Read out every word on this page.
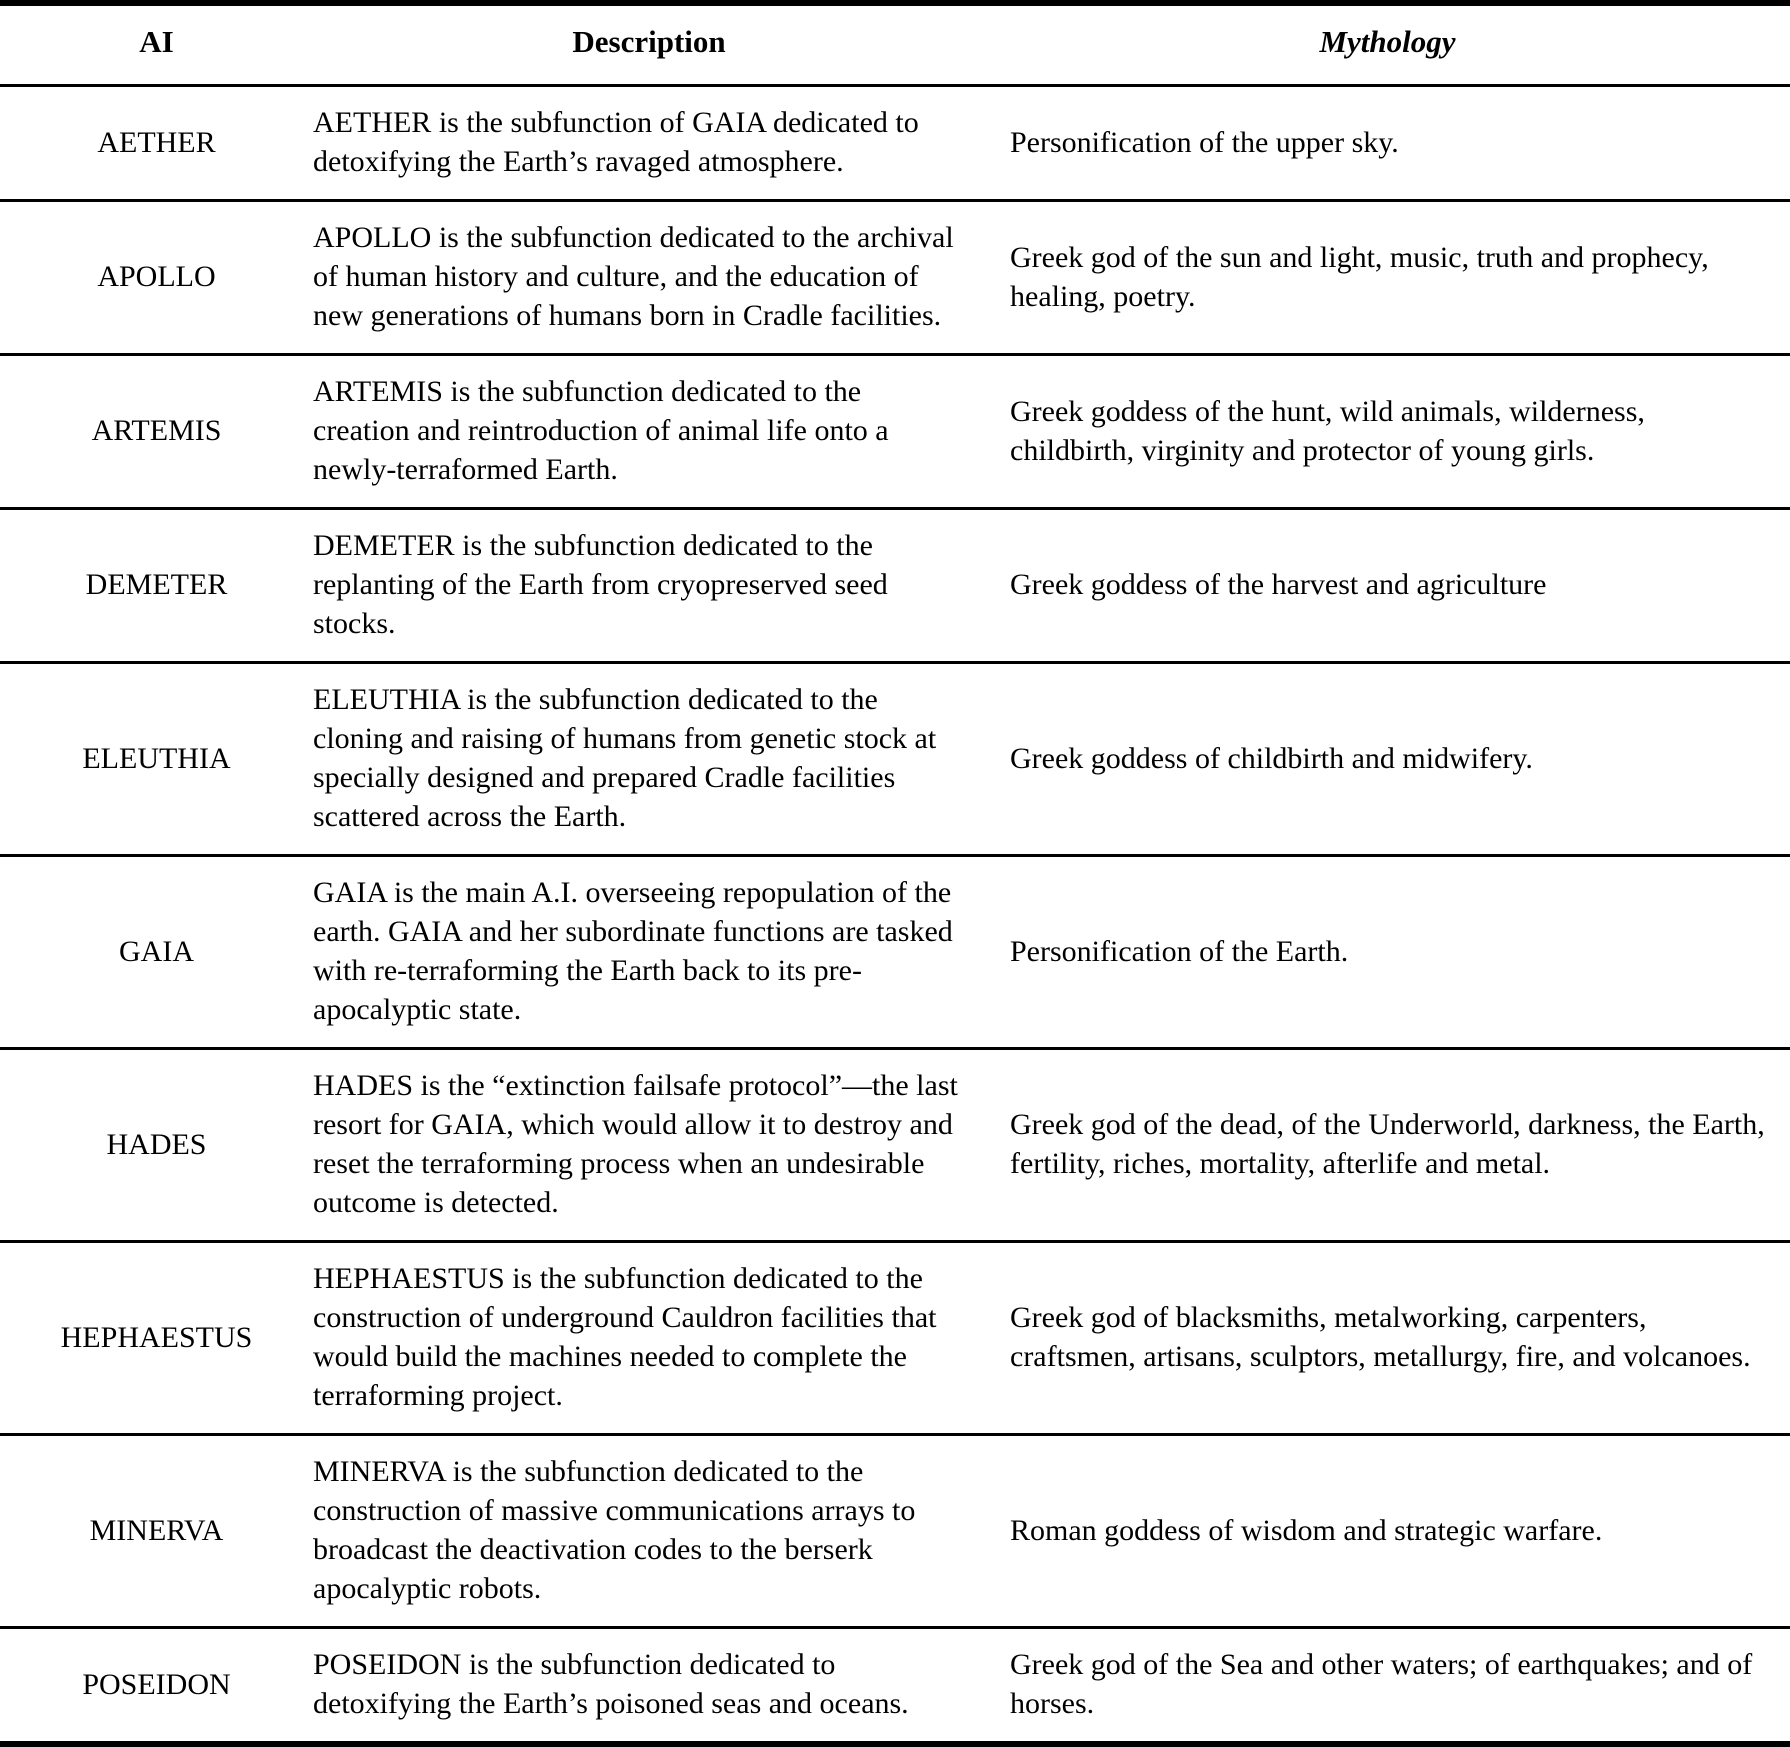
AI	Description	Mythology

AETHER	AETHER is the subfunction of GAIA dedicated to detoxifying the Earth’s ravaged atmosphere.	Personification of the upper sky.

APOLLO	APOLLO is the subfunction dedicated to the archival of human history and culture, and the education of new generations of humans born in Cradle facilities.	Greek god of the sun and light, music, truth and prophecy, healing, poetry.

ARTEMIS	ARTEMIS is the subfunction dedicated to the creation and reintroduction of animal life onto a newly-terraformed Earth.	Greek goddess of the hunt, wild animals, wilderness, childbirth, virginity and protector of young girls.

DEMETER	DEMETER is the subfunction dedicated to the replanting of the Earth from cryopreserved seed stocks.	Greek goddess of the harvest and agriculture

ELEUTHIA	ELEUTHIA is the subfunction dedicated to the cloning and raising of humans from genetic stock at specially designed and prepared Cradle facilities scattered across the Earth.	Greek goddess of childbirth and midwifery.

GAIA	GAIA is the main A.I. overseeing repopulation of the earth. GAIA and her subordinate functions are tasked with re-terraforming the Earth back to its pre-apocalyptic state.	Personification of the Earth.

HADES	HADES is the “extinction failsafe protocol”—the last resort for GAIA, which would allow it to destroy and reset the terraforming process when an undesirable outcome is detected.	Greek god of the dead, of the Underworld, darkness, the Earth, fertility, riches, mortality, afterlife and metal.

HEPHAESTUS	HEPHAESTUS is the subfunction dedicated to the construction of underground Cauldron facilities that would build the machines needed to complete the terraforming project.	Greek god of blacksmiths, metalworking, carpenters, craftsmen, artisans, sculptors, metallurgy, fire, and volcanoes.

MINERVA	MINERVA is the subfunction dedicated to the construction of massive communications arrays to broadcast the deactivation codes to the berserk apocalyptic robots.	Roman goddess of wisdom and strategic warfare.

POSEIDON	POSEIDON is the subfunction dedicated to detoxifying the Earth’s poisoned seas and oceans.	Greek god of the Sea and other waters; of earthquakes; and of horses.
